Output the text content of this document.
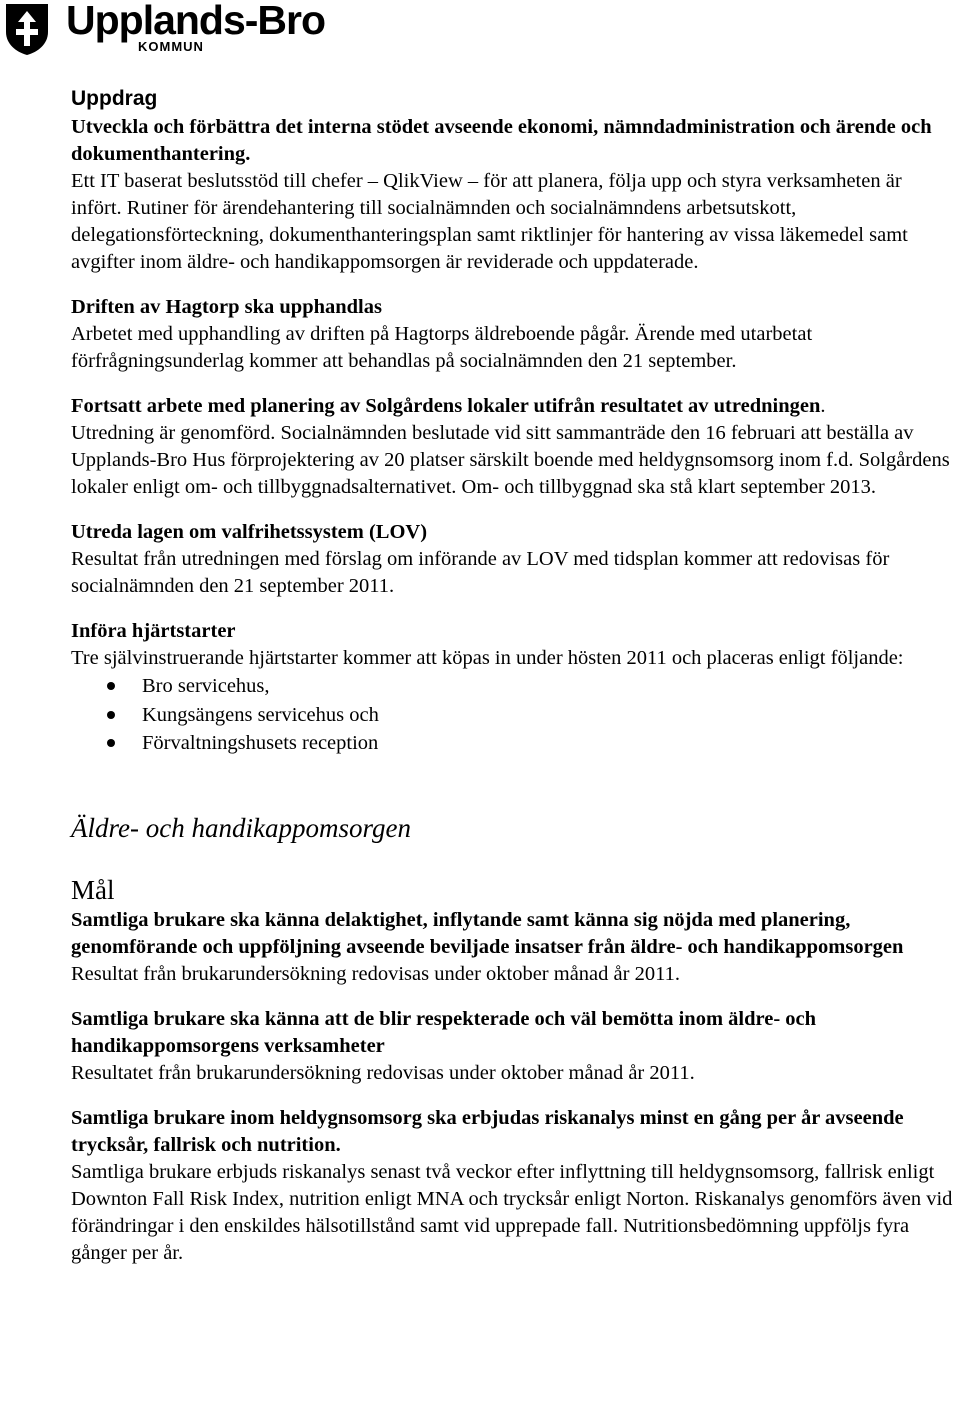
Upplands-Bro
KOMMUN

Uppdrag

Utveckla och förbättra det interna stödet avseende ekonomi, nämndadministration och ärende och dokumenthantering.

Ett IT baserat beslutsstöd till chefer – QlikView – för att planera, följa upp och styra verksamheten är infört. Rutiner för ärendehantering till socialnämnden och socialnämndens arbetsutskott, delegationsförteckning, dokumenthanteringsplan samt riktlinjer för hantering av vissa läkemedel samt avgifter inom äldre- och handikappomsorgen är reviderade och uppdaterade.

Driften av Hagtorp ska upphandlas

Arbetet med upphandling av driften på Hagtorps äldreboende pågår. Ärende med utarbetat förfrågningsunderlag kommer att behandlas på socialnämnden den 21 september.

Fortsatt arbete med planering av Solgårdens lokaler utifrån resultatet av utredningen.

Utredning är genomförd. Socialnämnden beslutade vid sitt sammanträde den 16 februari att beställa av Upplands-Bro Hus förprojektering av 20 platser särskilt boende med heldygnsomsorg inom f.d. Solgårdens lokaler enligt om- och tillbyggnadsalternativet. Om- och tillbyggnad ska stå klart september 2013.

Utreda lagen om valfrihetssystem (LOV)

Resultat från utredningen med förslag om införande av LOV med tidsplan kommer att redovisas för socialnämnden den 21 september 2011.

Införa hjärtstarter

Tre självinstruerande hjärtstarter kommer att köpas in under hösten 2011 och placeras enligt följande:

Bro servicehus,
Kungsängens servicehus och
Förvaltningshusets reception

Äldre- och handikappomsorgen

Mål

Samtliga brukare ska känna delaktighet, inflytande samt känna sig nöjda med planering, genomförande och uppföljning avseende beviljade insatser från äldre- och handikappomsorgen

Resultat från brukarundersökning redovisas under oktober månad år 2011.

Samtliga brukare ska känna att de blir respekterade och väl bemötta inom äldre- och handikappomsorgens verksamheter

Resultatet från brukarundersökning redovisas under oktober månad år 2011.

Samtliga brukare inom heldygnsomsorg ska erbjudas riskanalys minst en gång per år avseende trycksår, fallrisk och nutrition.

Samtliga brukare erbjuds riskanalys senast två veckor efter inflyttning till heldygnsomsorg, fallrisk enligt Downton Fall Risk Index, nutrition enligt MNA och trycksår enligt Norton. Riskanalys genomförs även vid förändringar i den enskildes hälsotillstånd samt vid upprepade fall. Nutritionsbedömning uppföljs fyra gånger per år.
